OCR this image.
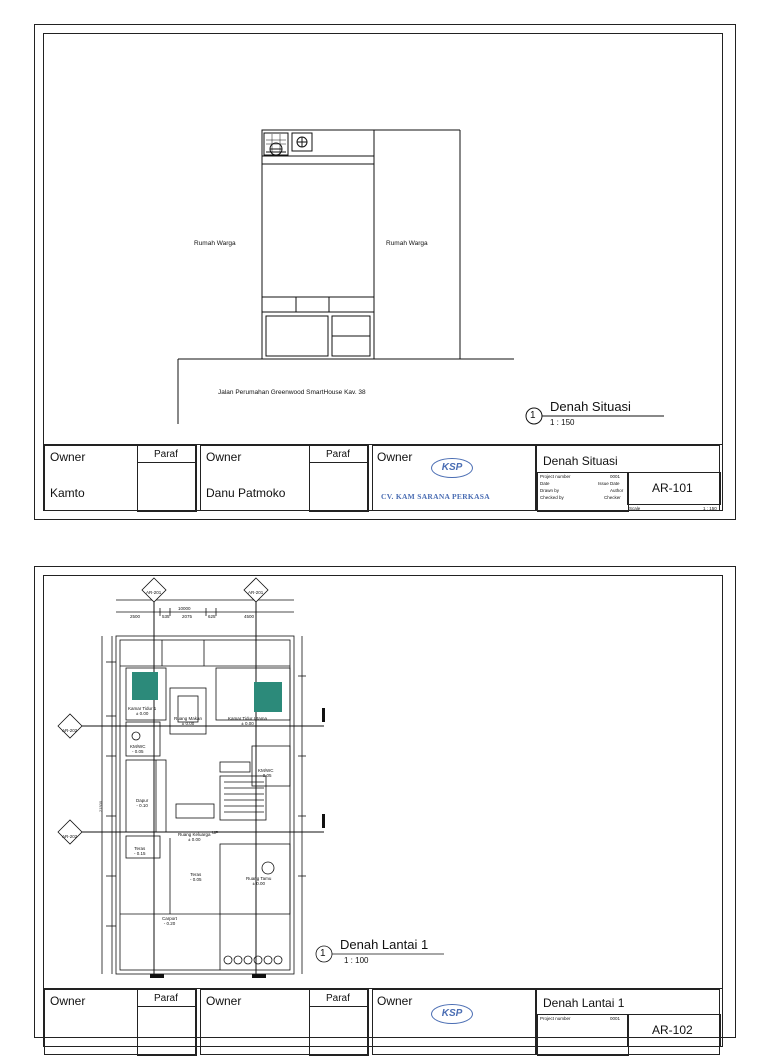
Rumah Warga	Rumah Warga
Jalan Perumahan Greenwood SmartHouse Kav. 38
1
Denah Situasi
1 : 150
Owner	Paraf
Kamto
Owner	Paraf
Danu Patmoko
Owner
KSP
CV. KAM SARANA PERKASA
Denah Situasi
Project number	0001
Date	Issue Date
Drawn by	Author
Checked by	Checker
AR-101
Scale	1 : 150
10000
2500	535	2075	625	4500
21500
Kamar Tidur 1
± 0.00
Ruang Makan
± 0.00
Kamar Tidur Utama
± 0.00
KM/WC
- 0.05
KM/WC
- 0.05
Dapur
- 0.10
Ruang Keluarga
± 0.00
Teras
- 0.15
Teras
- 0.05	Ruang Tamu
± 0.00
Carport
- 0.20
UP
AR-201	AR-201
AR-202
AR-202
1
Denah Lantai 1
1 : 100
Owner	Paraf Owner	Paraf Owner
KSP
Denah Lantai 1
Project number	0001
AR-102
